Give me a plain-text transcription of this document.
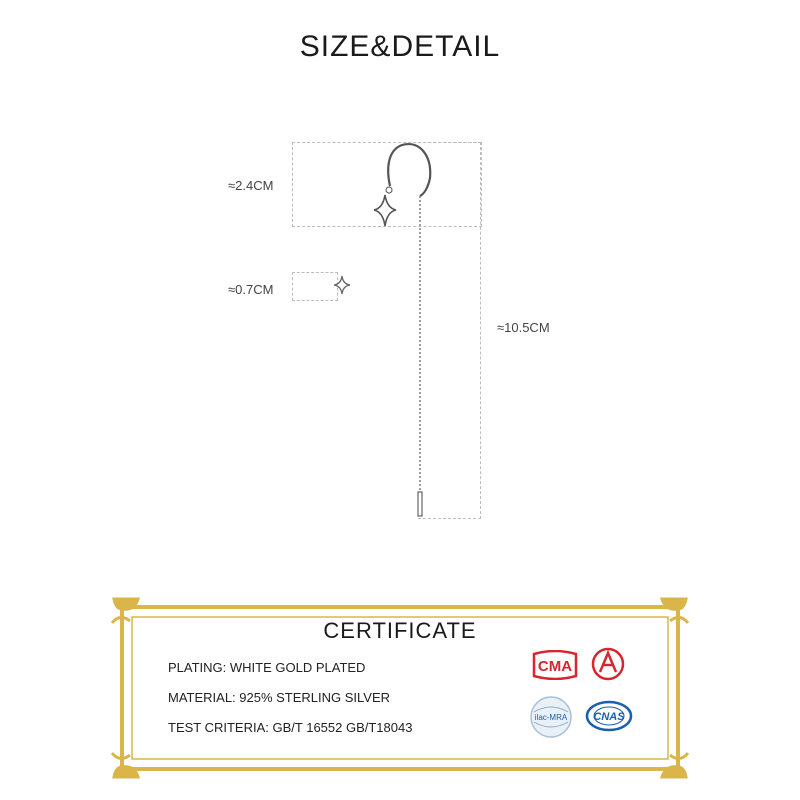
SIZE&DETAIL
≈2.4CM
≈0.7CM
≈10.5CM
CERTIFICATE
PLATING: WHITE GOLD PLATED
MATERIAL: 925% STERLING SILVER
TEST CRITERIA: GB/T 16552 GB/T18043
CMA
ilac-MRA CNAS
